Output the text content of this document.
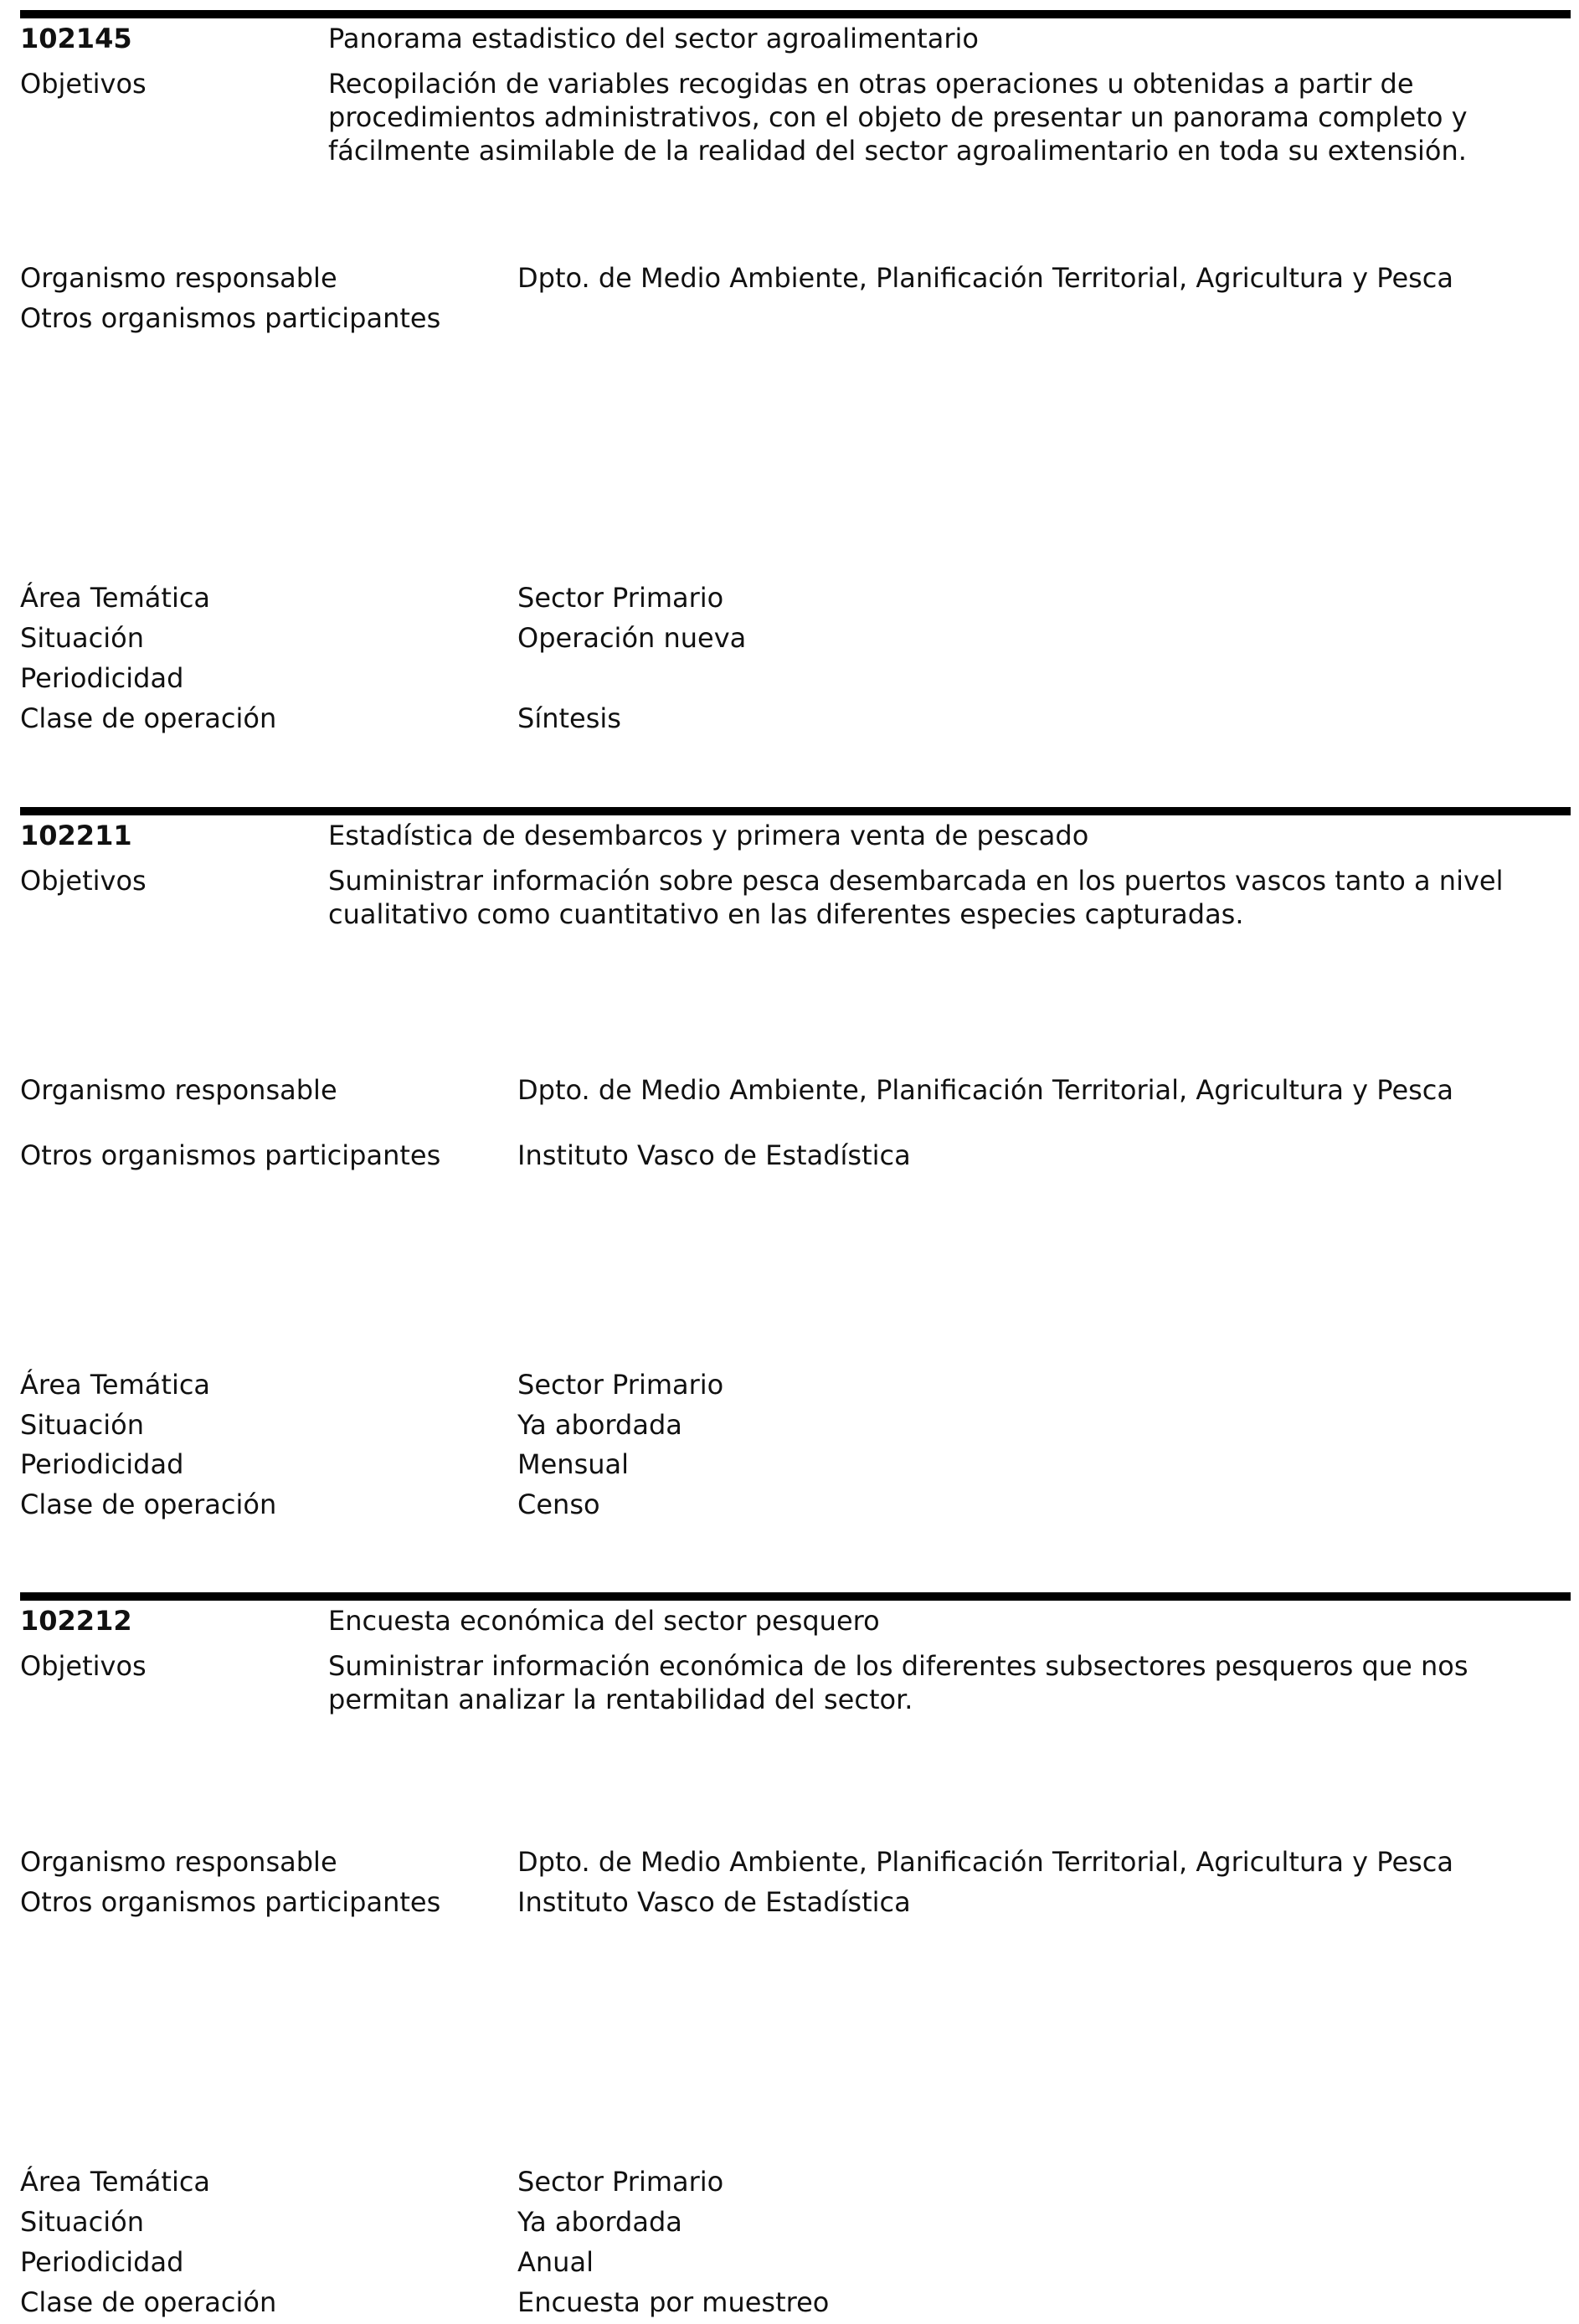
102145	Panorama estadistico del sector agroalimentario
Objetivos	Recopilación de variables recogidas en otras operaciones u obtenidas a partir de procedimientos administrativos, con el objeto de presentar un panorama completo y fácilmente asimilable de la realidad del sector agroalimentario en toda su extensión.
Organismo responsable	Dpto. de Medio Ambiente, Planificación Territorial, Agricultura y Pesca
Otros organismos participantes
Área Temática	Sector Primario
Situación	Operación nueva
Periodicidad
Clase de operación	Síntesis
102211	Estadística de desembarcos y primera venta de pescado
Objetivos	Suministrar información sobre pesca desembarcada en los puertos vascos tanto a nivel cualitativo como cuantitativo en las diferentes especies capturadas.
Organismo responsable	Dpto. de Medio Ambiente, Planificación Territorial, Agricultura y Pesca
Otros organismos participantes	Instituto Vasco de Estadística
Área Temática	Sector Primario
Situación	Ya abordada
Periodicidad	Mensual
Clase de operación	Censo
102212	Encuesta económica del sector pesquero
Objetivos	Suministrar información económica de los diferentes subsectores pesqueros que nos permitan analizar la rentabilidad del sector.
Organismo responsable	Dpto. de Medio Ambiente, Planificación Territorial, Agricultura y Pesca
Otros organismos participantes	Instituto Vasco de Estadística
Área Temática	Sector Primario
Situación	Ya abordada
Periodicidad	Anual
Clase de operación	Encuesta por muestreo
